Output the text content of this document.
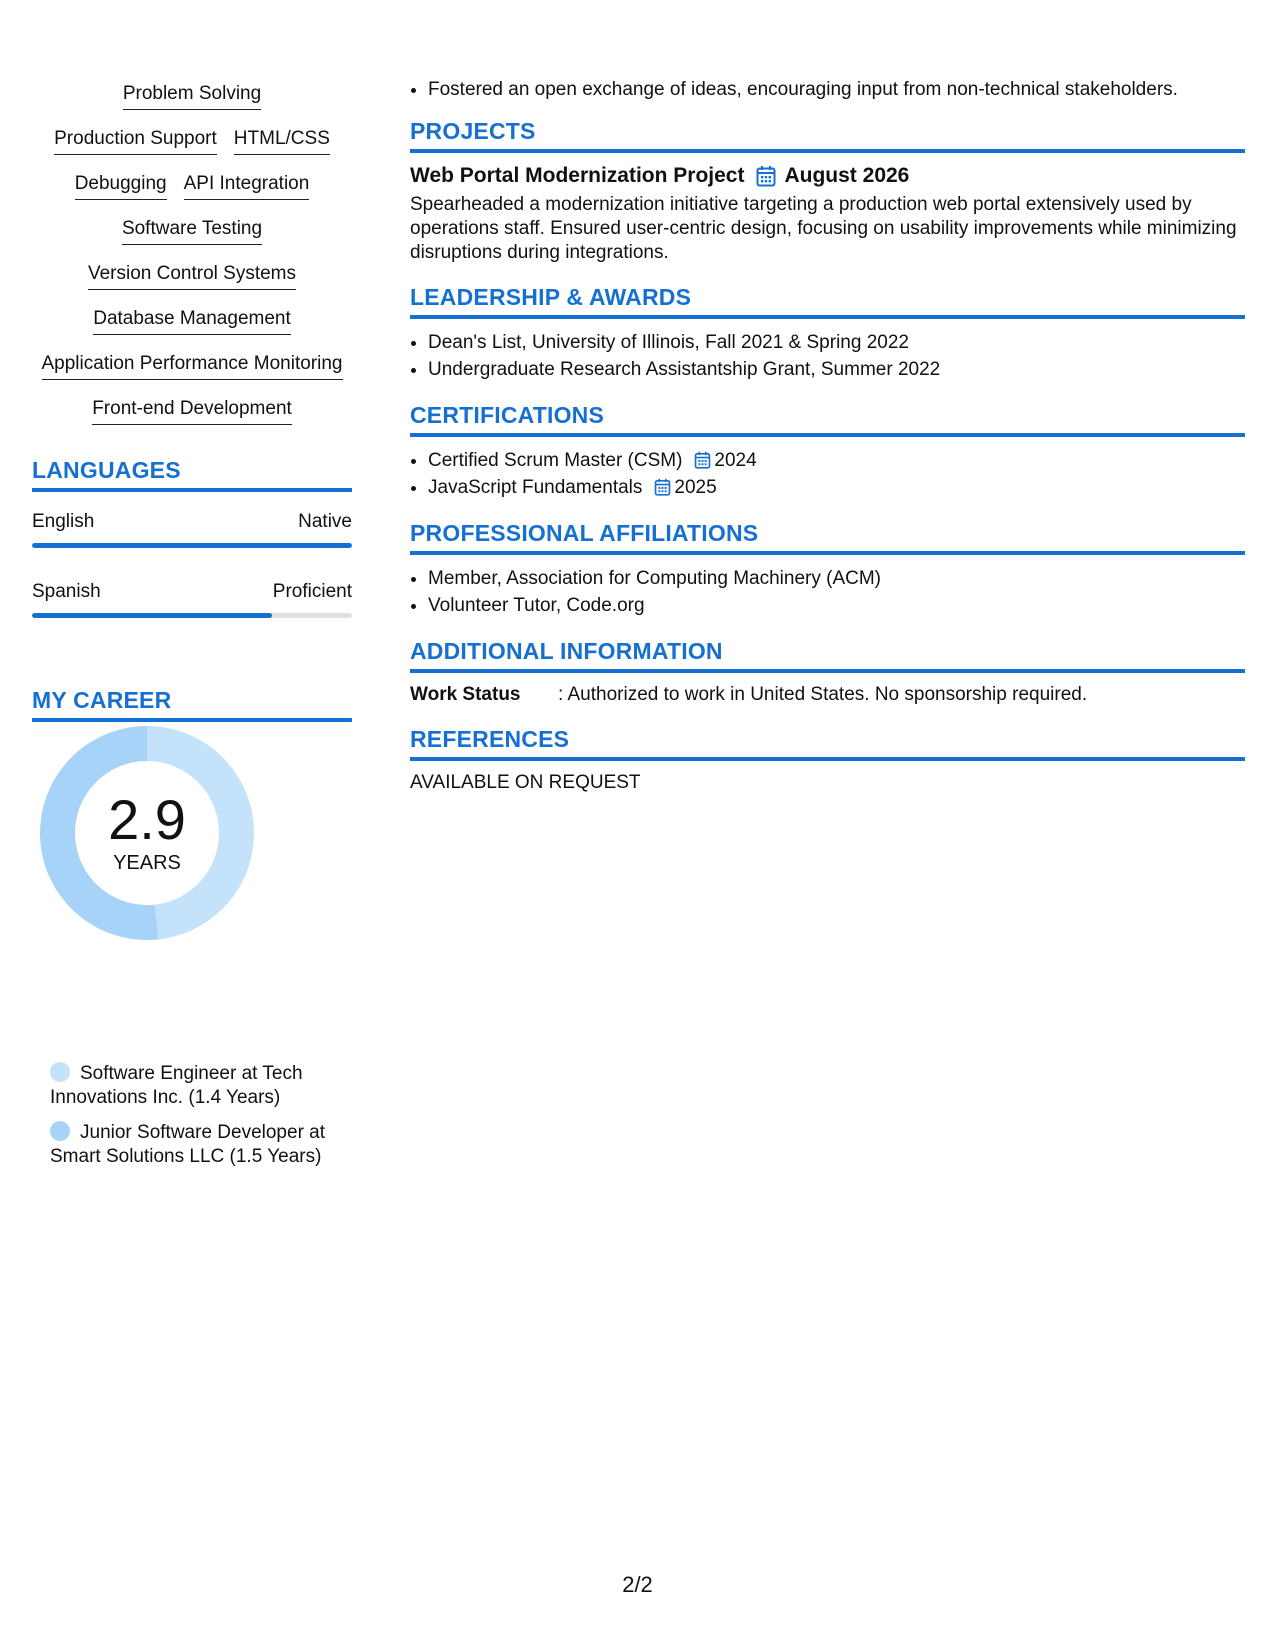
Problem Solving
Production Support HTML/CSS
Debugging API Integration
Software Testing
Version Control Systems
Database Management
Application Performance Monitoring
Front-end Development
LANGUAGES
English	Native
Spanish	Proficient
MY CAREER
2.9
YEARS
Software Engineer at Tech Innovations Inc. (1.4 Years)
Junior Software Developer at Smart Solutions LLC (1.5 Years)
• Fostered an open exchange of ideas, encouraging input from non-technical stakeholders.
PROJECTS
Web Portal Modernization Project August 2026
Spearheaded a modernization initiative targeting a production web portal extensively used by operations staff. Ensured user-centric design, focusing on usability improvements while minimizing disruptions during integrations.
LEADERSHIP & AWARDS
• Dean's List, University of Illinois, Fall 2021 & Spring 2022
• Undergraduate Research Assistantship Grant, Summer 2022
CERTIFICATIONS
• Certified Scrum Master (CSM) 2024
• JavaScript Fundamentals 2025
PROFESSIONAL AFFILIATIONS
• Member, Association for Computing Machinery (ACM)
• Volunteer Tutor, Code.org
ADDITIONAL INFORMATION
Work Status	: Authorized to work in United States. No sponsorship required.
REFERENCES
AVAILABLE ON REQUEST
2/2
